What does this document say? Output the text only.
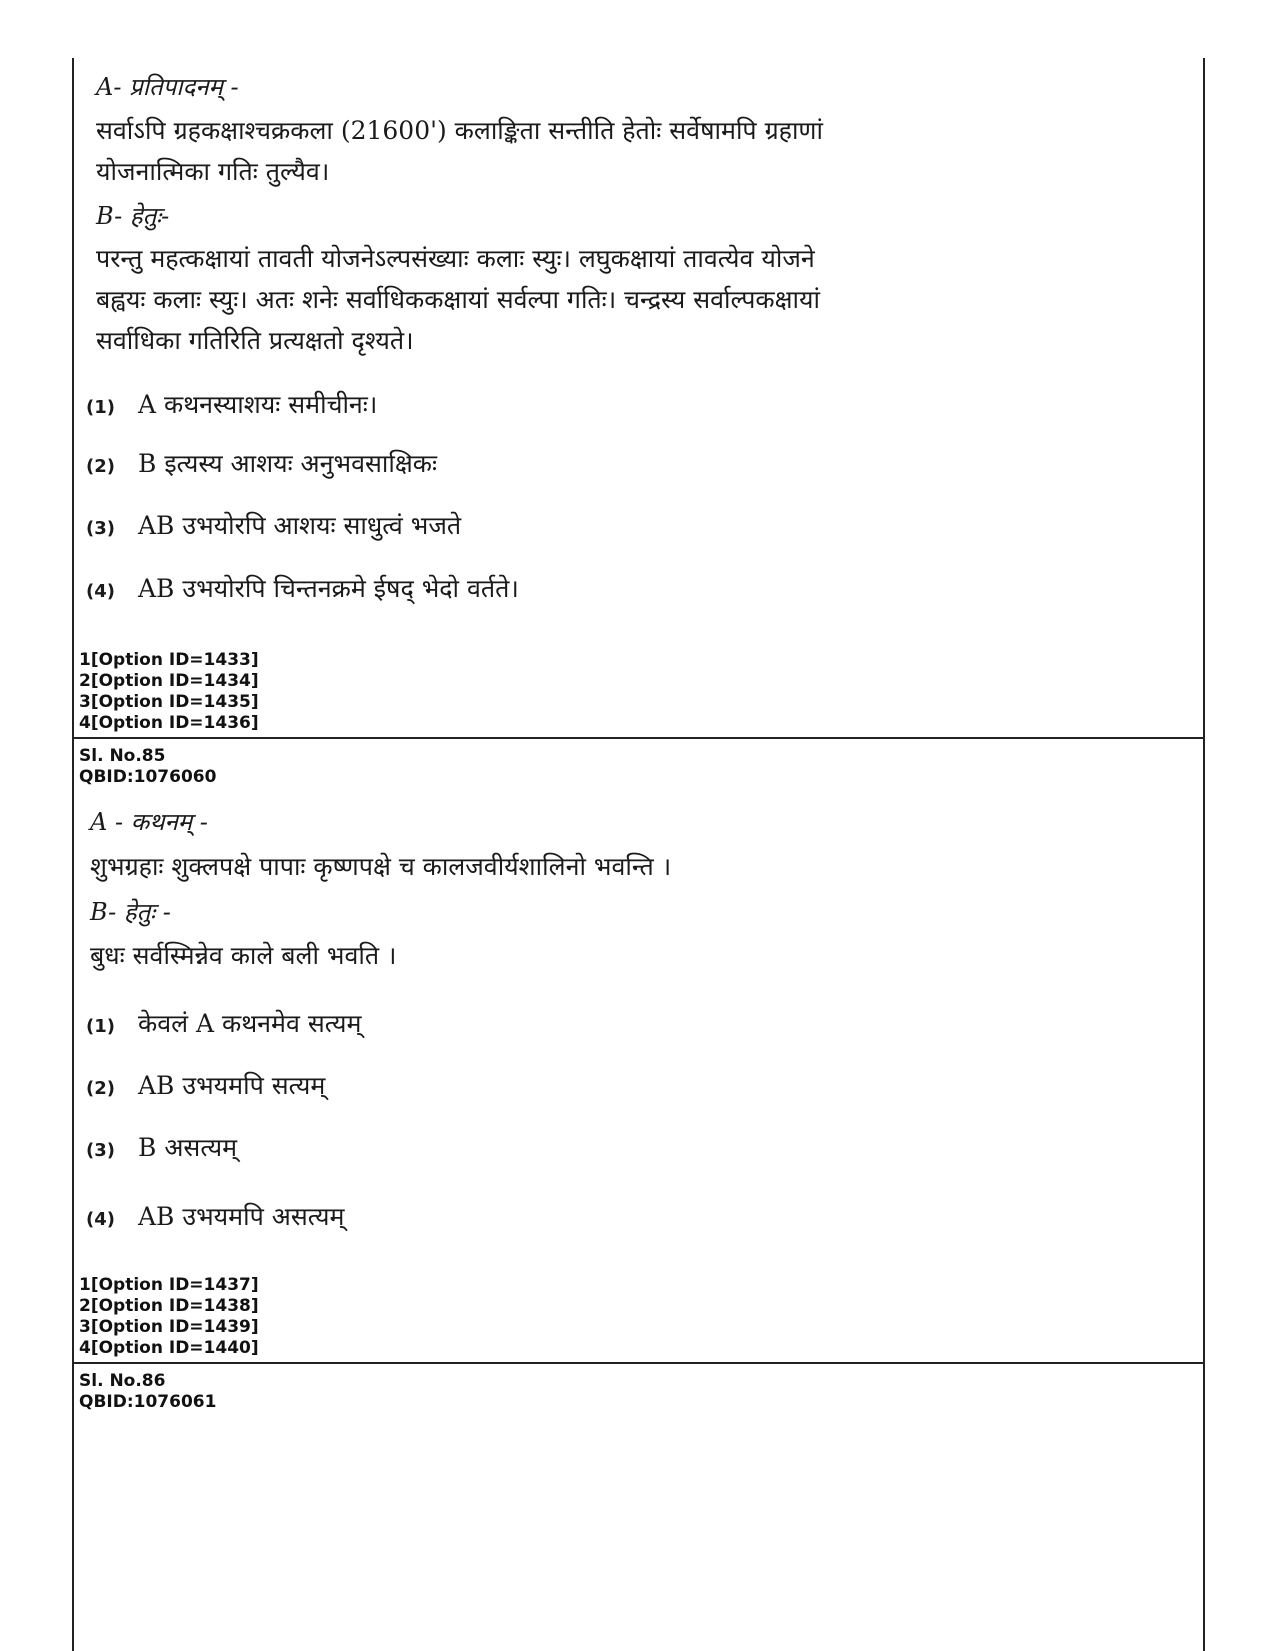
A- प्रतिपादनम् -
सर्वाऽपि ग्रहकक्षाश्चक्रकला (21600') कलाङ्किता सन्तीति हेतोः सर्वेषामपि ग्रहाणां
योजनात्मिका गतिः तुल्यैव।
B- हेतुः-
परन्तु महत्कक्षायां तावती योजनेऽल्पसंख्याः कलाः स्युः। लघुकक्षायां तावत्येव योजने
बह्वयः कलाः स्युः। अतः शनेः सर्वाधिककक्षायां सर्वल्पा गतिः। चन्द्रस्य सर्वाल्पकक्षायां
सर्वाधिका गतिरिति प्रत्यक्षतो दृश्यते।
(1) A कथनस्याशयः समीचीनः।
(2) B इत्यस्य आशयः अनुभवसाक्षिकः
(3) AB उभयोरपि आशयः साधुत्वं भजते
(4) AB उभयोरपि चिन्तनक्रमे ईषद् भेदो वर्तते।
1[Option ID=1433]
2[Option ID=1434]
3[Option ID=1435]
4[Option ID=1436]
Sl. No.85
QBID:1076060
A - कथनम् -
शुभग्रहाः शुक्लपक्षे पापाः कृष्णपक्षे च कालजवीर्यशालिनो भवन्ति ।
B- हेतुः -
बुधः सर्वस्मिन्नेव काले बली भवति ।
(1) केवलं A कथनमेव सत्यम्
(2) AB उभयमपि सत्यम्
(3) B असत्यम्
(4) AB उभयमपि असत्यम्
1[Option ID=1437]
2[Option ID=1438]
3[Option ID=1439]
4[Option ID=1440]
Sl. No.86
QBID:1076061
